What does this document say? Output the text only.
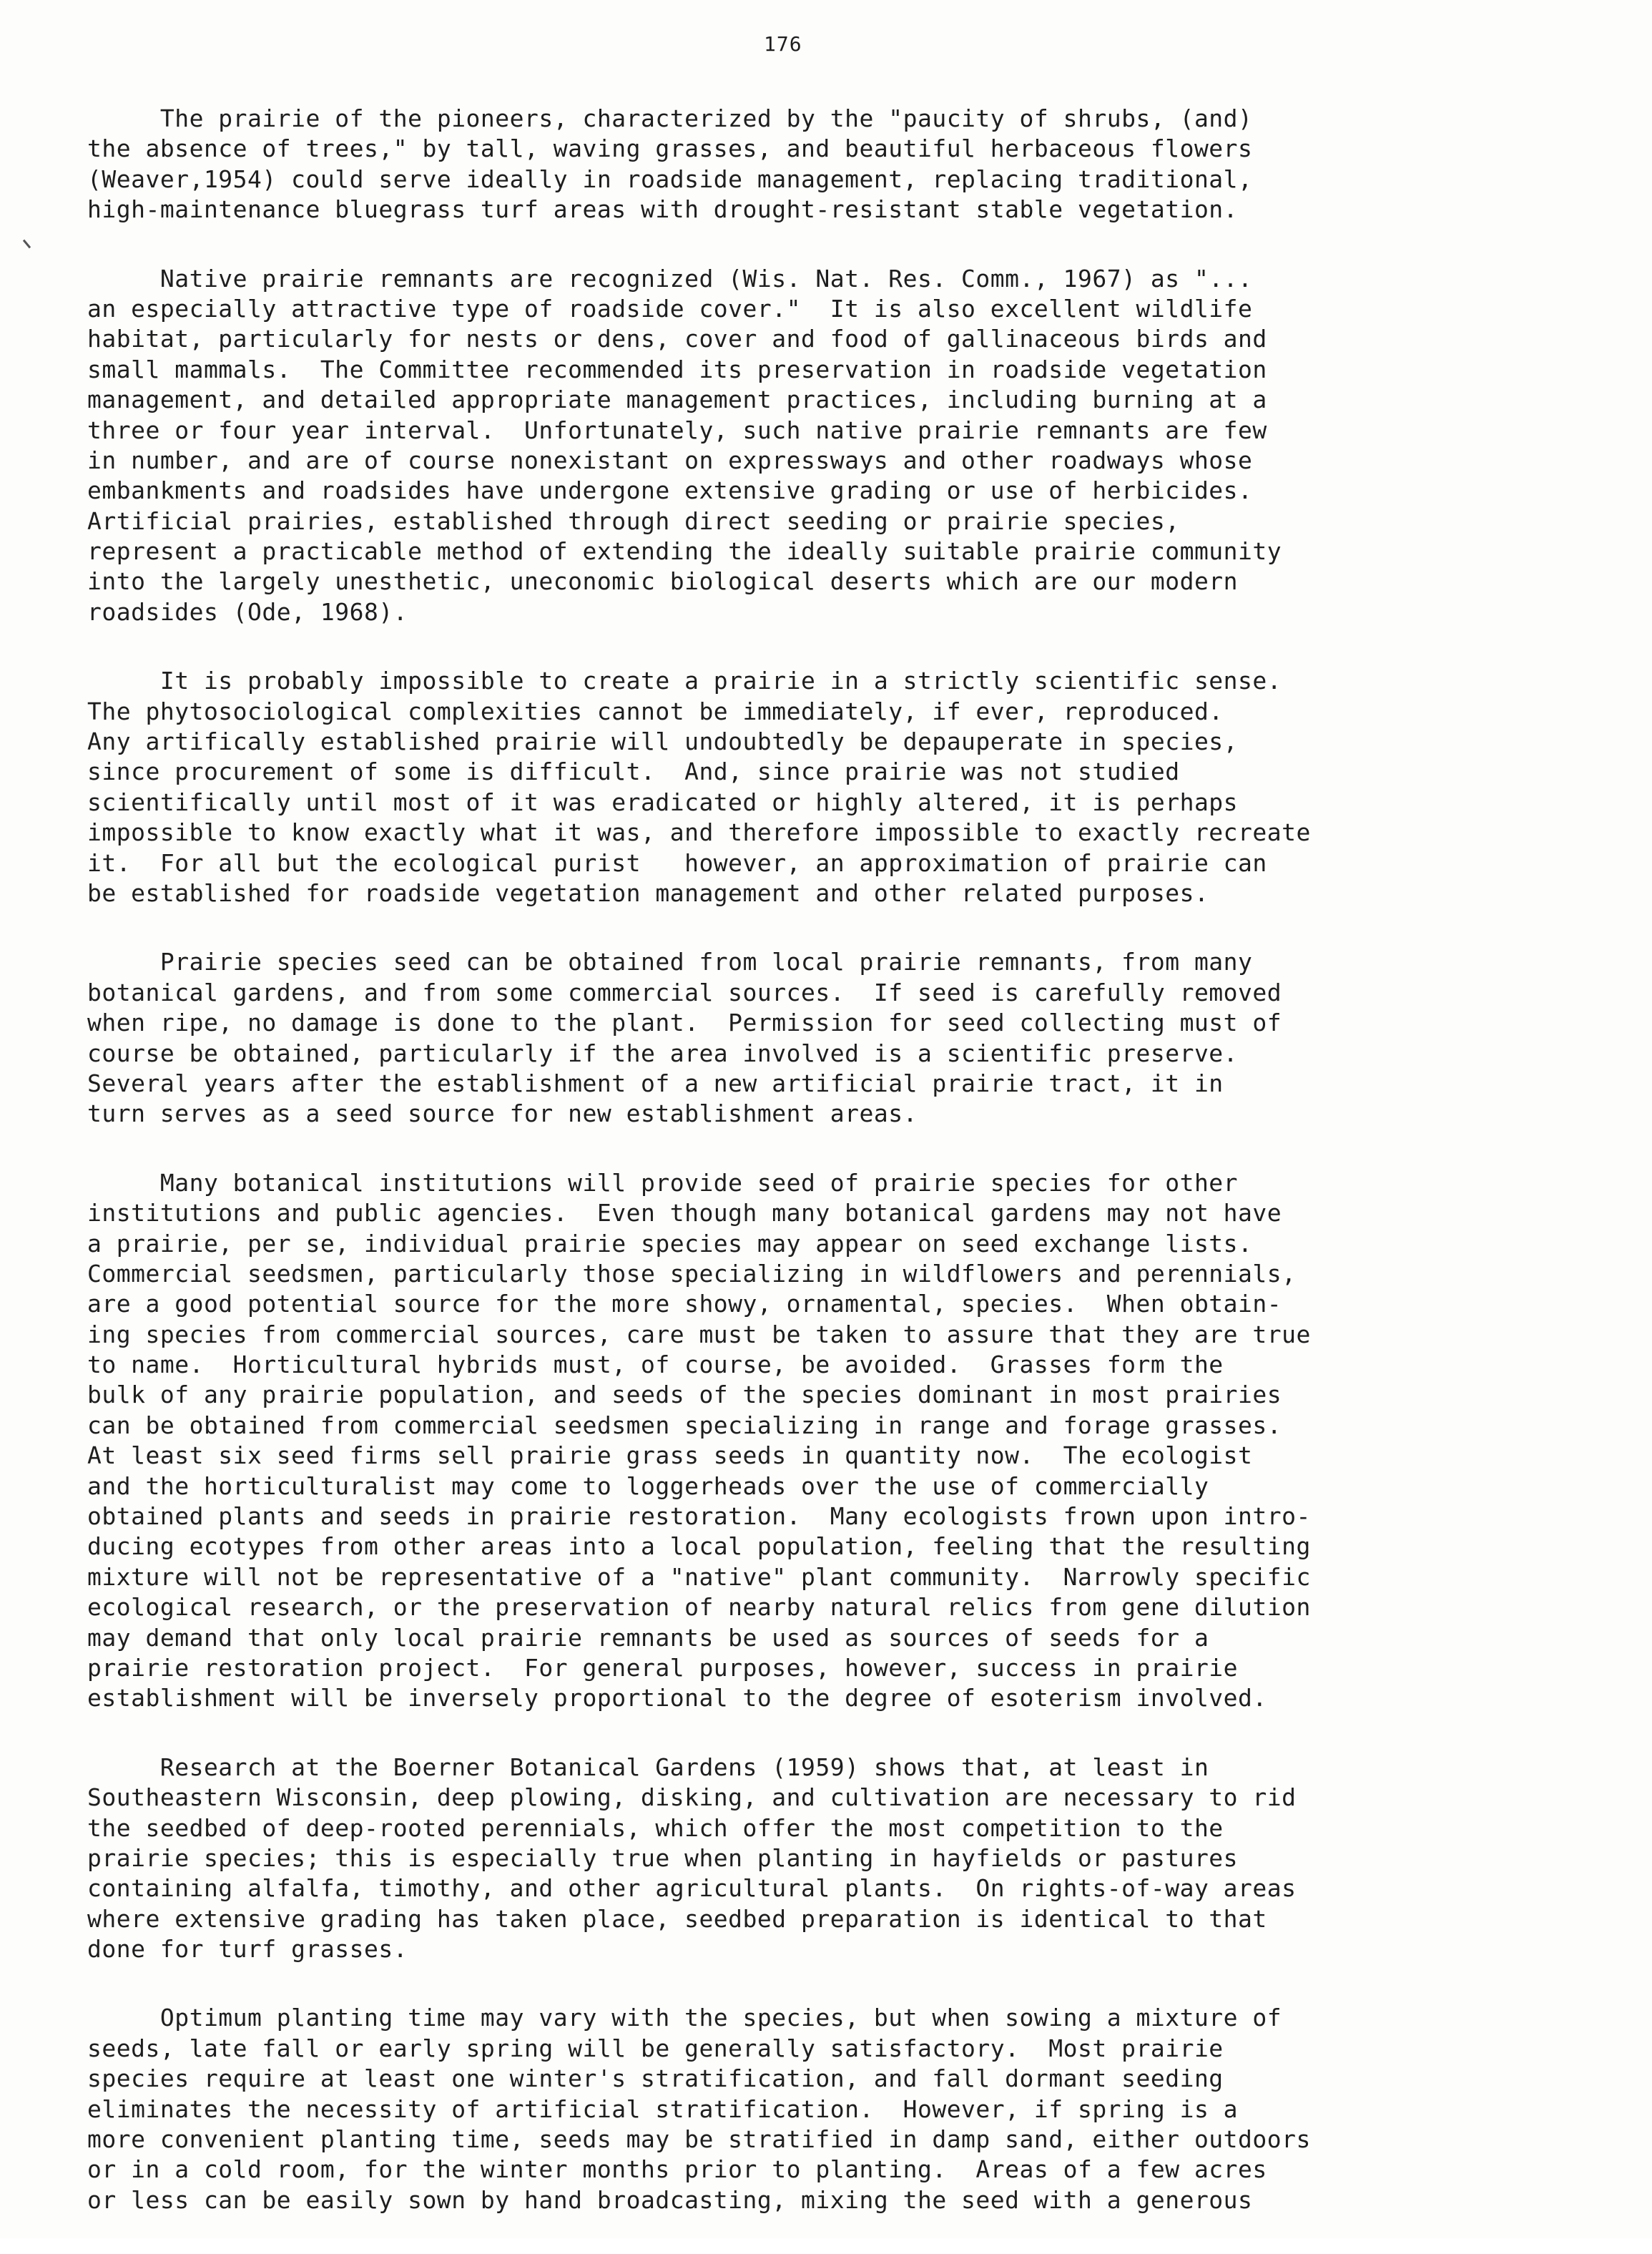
176
The prairie of the pioneers, characterized by the "paucity of shrubs, (and)
the absence of trees," by tall, waving grasses, and beautiful herbaceous flowers
(Weaver,1954) could serve ideally in roadside management, replacing traditional,
high-maintenance bluegrass turf areas with drought-resistant stable vegetation.
Native prairie remnants are recognized (Wis. Nat. Res. Comm., 1967) as "...
an especially attractive type of roadside cover."  It is also excellent wildlife
habitat, particularly for nests or dens, cover and food of gallinaceous birds and
small mammals.  The Committee recommended its preservation in roadside vegetation
management, and detailed appropriate management practices, including burning at a
three or four year interval.  Unfortunately, such native prairie remnants are few
in number, and are of course nonexistant on expressways and other roadways whose
embankments and roadsides have undergone extensive grading or use of herbicides.
Artificial prairies, established through direct seeding or prairie species,
represent a practicable method of extending the ideally suitable prairie community
into the largely unesthetic, uneconomic biological deserts which are our modern
roadsides (Ode, 1968).
It is probably impossible to create a prairie in a strictly scientific sense.
The phytosociological complexities cannot be immediately, if ever, reproduced.
Any artifically established prairie will undoubtedly be depauperate in species,
since procurement of some is difficult.  And, since prairie was not studied
scientifically until most of it was eradicated or highly altered, it is perhaps
impossible to know exactly what it was, and therefore impossible to exactly recreate
it.  For all but the ecological purist   however, an approximation of prairie can
be established for roadside vegetation management and other related purposes.
Prairie species seed can be obtained from local prairie remnants, from many
botanical gardens, and from some commercial sources.  If seed is carefully removed
when ripe, no damage is done to the plant.  Permission for seed collecting must of
course be obtained, particularly if the area involved is a scientific preserve.
Several years after the establishment of a new artificial prairie tract, it in
turn serves as a seed source for new establishment areas.
Many botanical institutions will provide seed of prairie species for other
institutions and public agencies.  Even though many botanical gardens may not have
a prairie, per se, individual prairie species may appear on seed exchange lists.
Commercial seedsmen, particularly those specializing in wildflowers and perennials,
are a good potential source for the more showy, ornamental, species.  When obtain-
ing species from commercial sources, care must be taken to assure that they are true
to name.  Horticultural hybrids must, of course, be avoided.  Grasses form the
bulk of any prairie population, and seeds of the species dominant in most prairies
can be obtained from commercial seedsmen specializing in range and forage grasses.
At least six seed firms sell prairie grass seeds in quantity now.  The ecologist
and the horticulturalist may come to loggerheads over the use of commercially
obtained plants and seeds in prairie restoration.  Many ecologists frown upon intro-
ducing ecotypes from other areas into a local population, feeling that the resulting
mixture will not be representative of a "native" plant community.  Narrowly specific
ecological research, or the preservation of nearby natural relics from gene dilution
may demand that only local prairie remnants be used as sources of seeds for a
prairie restoration project.  For general purposes, however, success in prairie
establishment will be inversely proportional to the degree of esoterism involved.
Research at the Boerner Botanical Gardens (1959) shows that, at least in
Southeastern Wisconsin, deep plowing, disking, and cultivation are necessary to rid
the seedbed of deep-rooted perennials, which offer the most competition to the
prairie species; this is especially true when planting in hayfields or pastures
containing alfalfa, timothy, and other agricultural plants.  On rights-of-way areas
where extensive grading has taken place, seedbed preparation is identical to that
done for turf grasses.
Optimum planting time may vary with the species, but when sowing a mixture of
seeds, late fall or early spring will be generally satisfactory.  Most prairie
species require at least one winter's stratification, and fall dormant seeding
eliminates the necessity of artificial stratification.  However, if spring is a
more convenient planting time, seeds may be stratified in damp sand, either outdoors
or in a cold room, for the winter months prior to planting.  Areas of a few acres
or less can be easily sown by hand broadcasting, mixing the seed with a generous
